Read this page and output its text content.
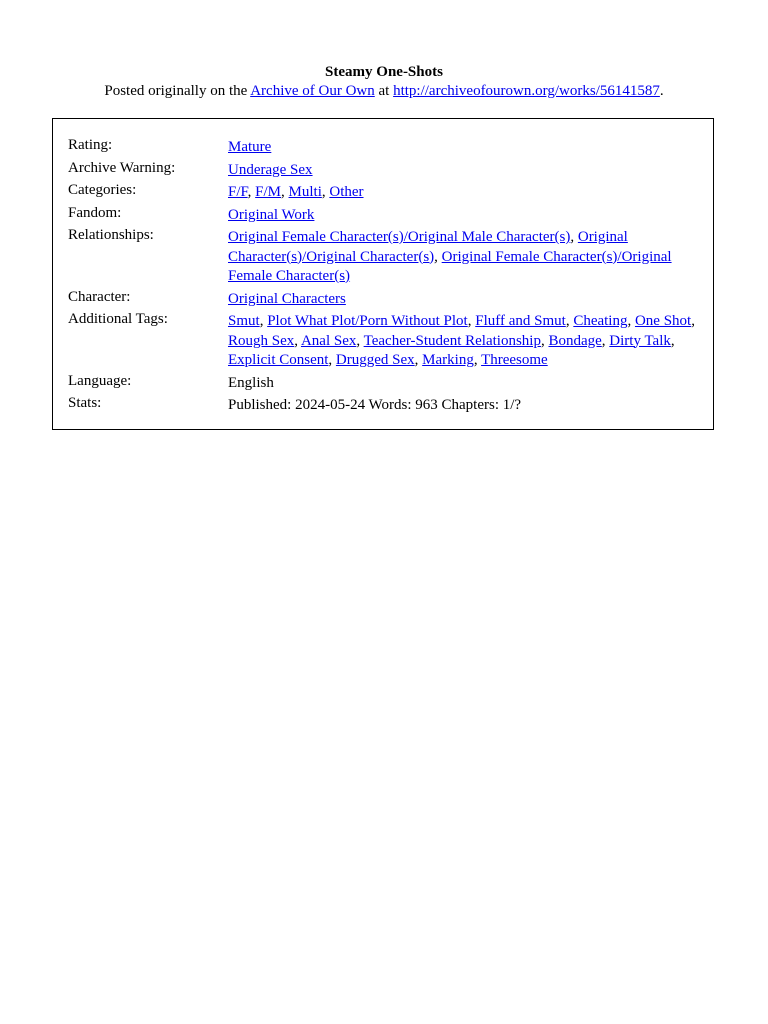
Steamy One-Shots
Posted originally on the Archive of Our Own at http://archiveofourown.org/works/56141587.
Rating:	Mature
Archive Warning:	Underage Sex
Categories:	F/F, F/M, Multi, Other
Fandom:	Original Work
Relationships:	Original Female Character(s)/Original Male Character(s), Original Character(s)/Original Character(s), Original Female Character(s)/Original Female Character(s)
Character:	Original Characters
Additional Tags:	Smut, Plot What Plot/Porn Without Plot, Fluff and Smut, Cheating, One Shot, Rough Sex, Anal Sex, Teacher-Student Relationship, Bondage, Dirty Talk, Explicit Consent, Drugged Sex, Marking, Threesome
Language:	English
Stats:	Published: 2024-05-24 Words: 963 Chapters: 1/?
